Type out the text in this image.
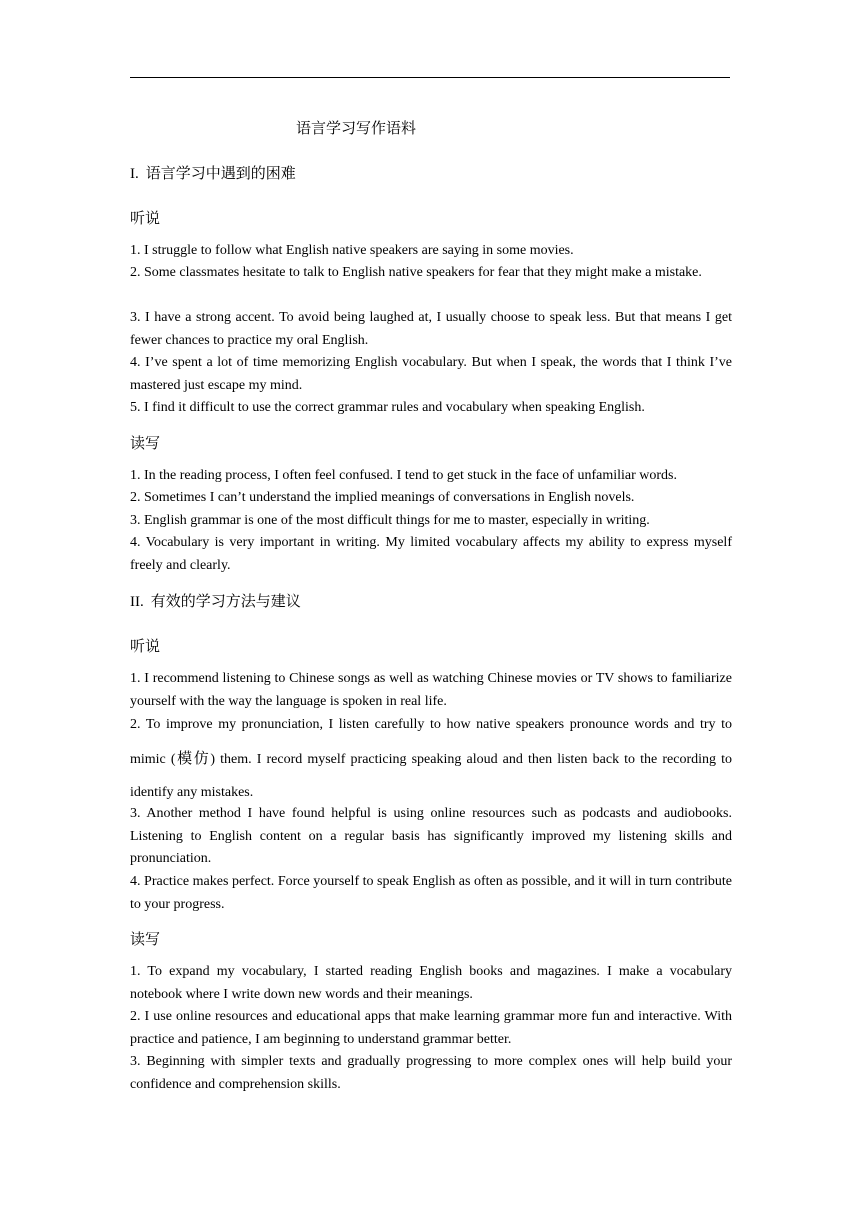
语言学习写作语料
I. 语言学习中遇到的困难
听说

1. I struggle to follow what English native speakers are saying in some movies.

2. Some classmates hesitate to talk to English native speakers for fear that they might make a mistake.

3. I have a strong accent. To avoid being laughed at, I usually choose to speak less. But that means I get fewer chances to practice my oral English.

4. I’ve spent a lot of time memorizing English vocabulary. But when I speak, the words that I think I’ve mastered just escape my mind.

5. I find it difficult to use the correct grammar rules and vocabulary when speaking English.

读写

1. In the reading process, I often feel confused. I tend to get stuck in the face of unfamiliar words.

2. Sometimes I can’t understand the implied meanings of conversations in English novels.

3. English grammar is one of the most difficult things for me to master, especially in writing.

4. Vocabulary is very important in writing. My limited vocabulary affects my ability to express myself freely and clearly.

II. 有效的学习方法与建议
听说

1. I recommend listening to Chinese songs as well as watching Chinese movies or TV shows to familiarize yourself with the way the language is spoken in real life.

2. To improve my pronunciation, I listen carefully to how native speakers pronounce words and try to mimic (模仿) them. I record myself practicing speaking aloud and then listen back to the recording to identify any mistakes.

3. Another method I have found helpful is using online resources such as podcasts and audiobooks. Listening to English content on a regular basis has significantly improved my listening skills and pronunciation.

4. Practice makes perfect. Force yourself to speak English as often as possible, and it will in turn contribute to your progress.

读写

1. To expand my vocabulary, I started reading English books and magazines. I make a vocabulary notebook where I write down new words and their meanings.

2. I use online resources and educational apps that make learning grammar more fun and interactive. With practice and patience, I am beginning to understand grammar better.

3. Beginning with simpler texts and gradually progressing to more complex ones will help build your confidence and comprehension skills.
